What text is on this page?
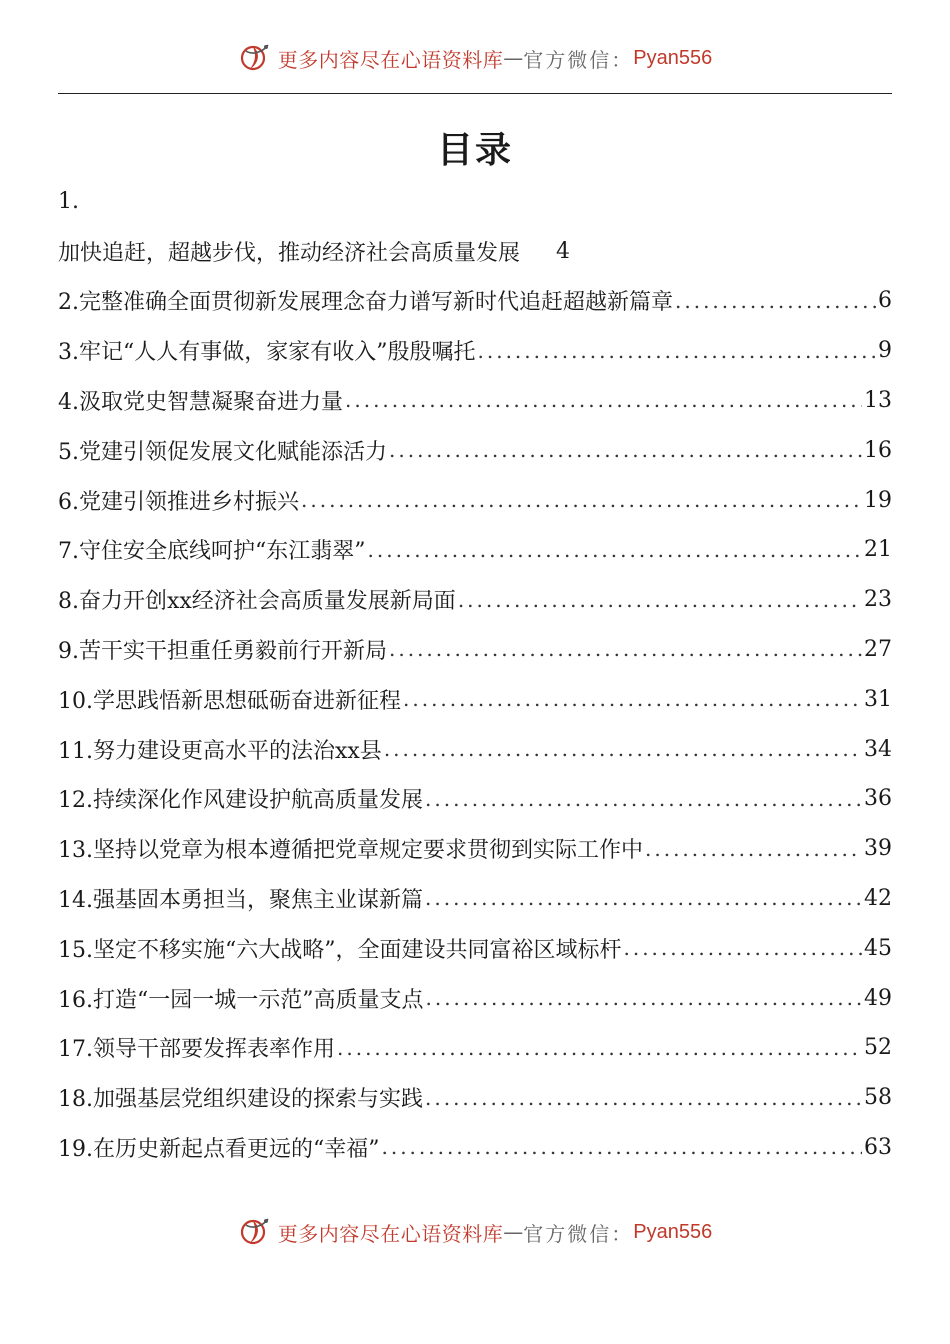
更多内容尽在心语资料库 — 官方微信： Pyan556
目录
1.
加快追赶，超越步伐，推动经济社会高质量发展 4
2.完整准确全面贯彻新发展理念奋力谱写新时代追赶超越新篇章 .....	6
3.牢记“人人有事做，家家有收入”殷殷嘱托 .....	9
4.汲取党史智慧凝聚奋进力量 .....	13
5.党建引领促发展文化赋能添活力 .....	16
6.党建引领推进乡村振兴 .....	19
7.守住安全底线呵护“东江翡翠” .....	21
8.奋力开创xx经济社会高质量发展新局面 .....	23
9.苦干实干担重任勇毅前行开新局 .....	27
10.学思践悟新思想砥砺奋进新征程 .....	31
11.努力建设更高水平的法治xx县 .....	34
12.持续深化作风建设护航高质量发展 .....	36
13.坚持以党章为根本遵循把党章规定要求贯彻到实际工作中 .....	39
14.强基固本勇担当，聚焦主业谋新篇 .....	42
15.坚定不移实施“六大战略”，全面建设共同富裕区域标杆 .....	45
16.打造“一园一城一示范”高质量支点 .....	49
17.领导干部要发挥表率作用 .....	52
18.加强基层党组织建设的探索与实践 .....	58
19.在历史新起点看更远的“幸福” .....	63
更多内容尽在心语资料库 — 官方微信： Pyan556
